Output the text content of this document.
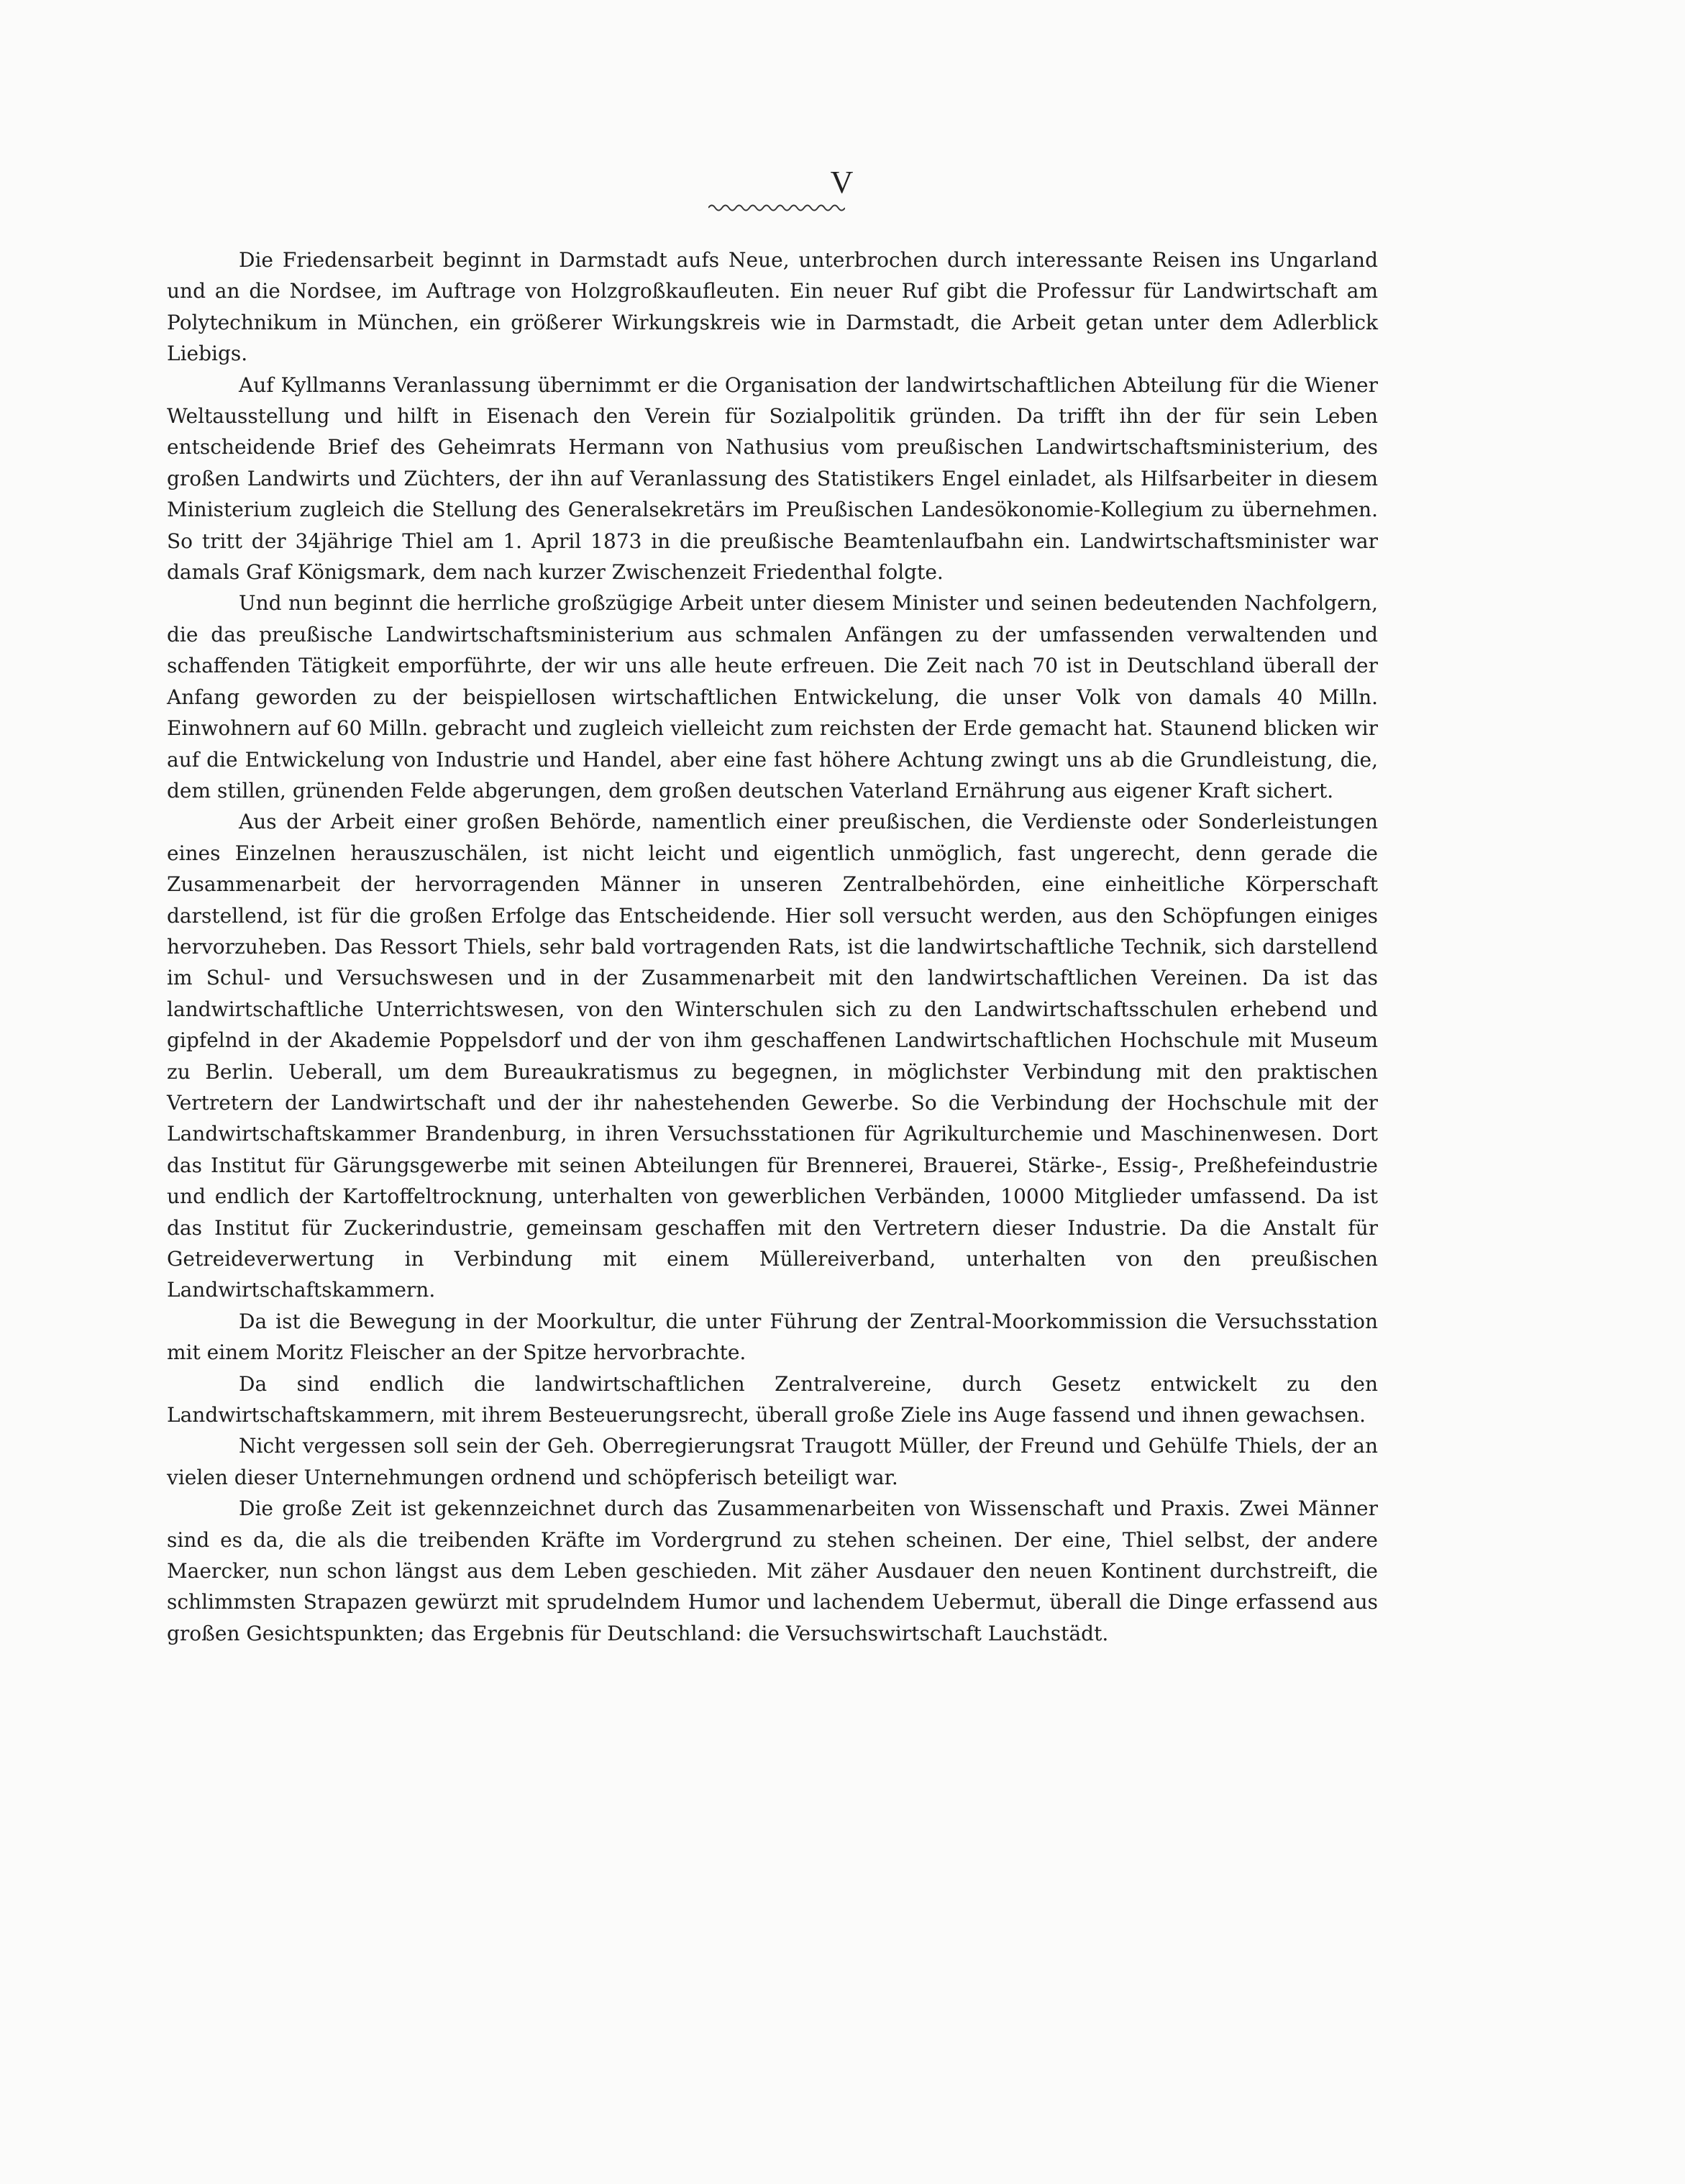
V

Die Friedensarbeit beginnt in Darmstadt aufs Neue, unterbrochen durch interessante Reisen ins Ungarland und an die Nordsee, im Auftrage von Holzgroßkaufleuten. Ein neuer Ruf gibt die Professur für Landwirtschaft am Polytechnikum in München, ein größerer Wirkungskreis wie in Darmstadt, die Arbeit getan unter dem Adlerblick Liebigs.

Auf Kyllmanns Veranlassung übernimmt er die Organisation der landwirtschaftlichen Abteilung für die Wiener Weltausstellung und hilft in Eisenach den Verein für Sozialpolitik gründen. Da trifft ihn der für sein Leben entscheidende Brief des Geheimrats Hermann von Nathusius vom preußischen Landwirtschaftsministerium, des großen Landwirts und Züchters, der ihn auf Veranlassung des Statistikers Engel einladet, als Hilfsarbeiter in diesem Ministerium zugleich die Stellung des Generalsekretärs im Preußischen Landesökonomie-Kollegium zu übernehmen. So tritt der 34jährige Thiel am 1. April 1873 in die preußische Beamtenlaufbahn ein. Landwirtschaftsminister war damals Graf Königsmark, dem nach kurzer Zwischenzeit Friedenthal folgte.

Und nun beginnt die herrliche großzügige Arbeit unter diesem Minister und seinen bedeutenden Nachfolgern, die das preußische Landwirtschaftsministerium aus schmalen Anfängen zu der umfassenden verwaltenden und schaffenden Tätigkeit emporführte, der wir uns alle heute erfreuen. Die Zeit nach 70 ist in Deutschland überall der Anfang geworden zu der beispiellosen wirtschaftlichen Entwickelung, die unser Volk von damals 40 Milln. Einwohnern auf 60 Milln. gebracht und zugleich vielleicht zum reichsten der Erde gemacht hat. Staunend blicken wir auf die Entwickelung von Industrie und Handel, aber eine fast höhere Achtung zwingt uns ab die Grundleistung, die, dem stillen, grünenden Felde abgerungen, dem großen deutschen Vaterland Ernährung aus eigener Kraft sichert.

Aus der Arbeit einer großen Behörde, namentlich einer preußischen, die Verdienste oder Sonderleistungen eines Einzelnen herauszuschälen, ist nicht leicht und eigentlich unmöglich, fast ungerecht, denn gerade die Zusammenarbeit der hervorragenden Männer in unseren Zentralbehörden, eine einheitliche Körperschaft darstellend, ist für die großen Erfolge das Entscheidende. Hier soll versucht werden, aus den Schöpfungen einiges hervorzuheben. Das Ressort Thiels, sehr bald vortragenden Rats, ist die landwirtschaftliche Technik, sich darstellend im Schul- und Versuchswesen und in der Zusammenarbeit mit den landwirtschaftlichen Vereinen. Da ist das landwirtschaftliche Unterrichtswesen, von den Winterschulen sich zu den Landwirtschaftsschulen erhebend und gipfelnd in der Akademie Poppelsdorf und der von ihm geschaffenen Landwirtschaftlichen Hochschule mit Museum zu Berlin. Ueberall, um dem Bureaukratismus zu begegnen, in möglichster Verbindung mit den praktischen Vertretern der Landwirtschaft und der ihr nahestehenden Gewerbe. So die Verbindung der Hochschule mit der Landwirtschaftskammer Brandenburg, in ihren Versuchsstationen für Agrikulturchemie und Maschinenwesen. Dort das Institut für Gärungsgewerbe mit seinen Abteilungen für Brennerei, Brauerei, Stärke-, Essig-, Preßhefeindustrie und endlich der Kartoffeltrocknung, unterhalten von gewerblichen Verbänden, 10000 Mitglieder umfassend. Da ist das Institut für Zuckerindustrie, gemeinsam geschaffen mit den Vertretern dieser Industrie. Da die Anstalt für Getreideverwertung in Verbindung mit einem Müllereiverband, unterhalten von den preußischen Landwirtschaftskammern.

Da ist die Bewegung in der Moorkultur, die unter Führung der Zentral-Moorkommission die Versuchsstation mit einem Moritz Fleischer an der Spitze hervorbrachte.

Da sind endlich die landwirtschaftlichen Zentralvereine, durch Gesetz entwickelt zu den Landwirtschaftskammern, mit ihrem Besteuerungsrecht, überall große Ziele ins Auge fassend und ihnen gewachsen.

Nicht vergessen soll sein der Geh. Oberregierungsrat Traugott Müller, der Freund und Gehülfe Thiels, der an vielen dieser Unternehmungen ordnend und schöpferisch beteiligt war.

Die große Zeit ist gekennzeichnet durch das Zusammenarbeiten von Wissenschaft und Praxis. Zwei Männer sind es da, die als die treibenden Kräfte im Vordergrund zu stehen scheinen. Der eine, Thiel selbst, der andere Maercker, nun schon längst aus dem Leben geschieden. Mit zäher Ausdauer den neuen Kontinent durchstreift, die schlimmsten Strapazen gewürzt mit sprudelndem Humor und lachendem Uebermut, überall die Dinge erfassend aus großen Gesichtspunkten; das Ergebnis für Deutschland: die Versuchswirtschaft Lauchstädt.
